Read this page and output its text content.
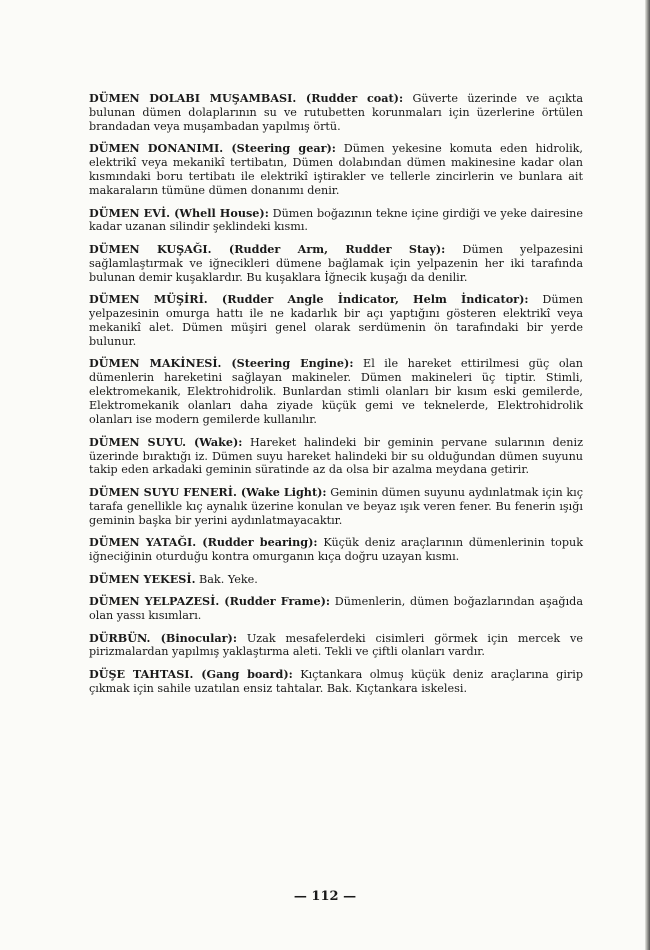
DÜMEN DOLABI MUŞAMBASI. (Rudder coat): Güverte üzerinde ve açıkta bulunan dümen dolaplarının su ve rutubetten korunmaları için üzerlerine örtülen brandadan veya muşambadan yapılmış örtü.

DÜMEN DONANIMI. (Steering gear): Dümen yekesine komuta eden hidrolik, elektrikî veya mekanikî tertibatın, Dümen dolabından dümen makinesine kadar olan kısmındaki boru tertibatı ile elektrikî iştirakler ve tellerle zincirlerin ve bunlara ait makaraların tümüne dümen donanımı denir.

DÜMEN EVİ. (Whell House): Dümen boğazının tekne içine girdiği ve yeke dairesine kadar uzanan silindir şeklindeki kısmı.

DÜMEN KUŞAĞI. (Rudder Arm, Rudder Stay): Dümen yelpazesini sağlamlaştırmak ve iğnecikleri dümene bağlamak için yelpazenin her iki tarafında bulunan demir kuşaklardır. Bu kuşaklara İğnecik kuşağı da denilir.

DÜMEN MÜŞİRİ. (Rudder Angle İndicator, Helm İndicator): Dümen yelpazesinin omurga hattı ile ne kadarlık bir açı yaptığını gösteren elektrikî veya mekanikî alet. Dümen müşiri genel olarak serdümenin ön tarafındaki bir yerde bulunur.

DÜMEN MAKİNESİ. (Steering Engine): El ile hareket ettirilmesi güç olan dümenlerin hareketini sağlayan makineler. Dümen makineleri üç tiptir. Stimli, elektromekanik, Elektrohidrolik. Bunlardan stimli olanları bir kısım eski gemilerde, Elektromekanik olanları daha ziyade küçük gemi ve teknelerde, Elektrohidrolik olanları ise modern gemilerde kullanılır.

DÜMEN SUYU. (Wake): Hareket halindeki bir geminin pervane sularının deniz üzerinde bıraktığı iz. Dümen suyu hareket halindeki bir su olduğundan dümen suyunu takip eden arkadaki geminin süratinde az da olsa bir azalma meydana getirir.

DÜMEN SUYU FENERİ. (Wake Light): Geminin dümen suyunu aydınlatmak için kıç tarafa genellikle kıç aynalık üzerine konulan ve beyaz ışık veren fener. Bu fenerin ışığı geminin başka bir yerini aydınlatmayacaktır.

DÜMEN YATAĞI. (Rudder bearing): Küçük deniz araçlarının dümenlerinin topuk iğneciğinin oturduğu kontra omurganın kıça doğru uzayan kısmı.

DÜMEN YEKESİ. Bak. Yeke.

DÜMEN YELPAZESİ. (Rudder Frame): Dümenlerin, dümen boğazlarından aşağıda olan yassı kısımları.

DÜRBÜN. (Binocular): Uzak mesafelerdeki cisimleri görmek için mercek ve pirizmalardan yapılmış yaklaştırma aleti. Tekli ve çiftli olanları vardır.

DÜŞE TAHTASI. (Gang board): Kıçtankara olmuş küçük deniz araçlarına girip çıkmak için sahile uzatılan ensiz tahtalar. Bak. Kıçtankara iskelesi.

— 112 —
